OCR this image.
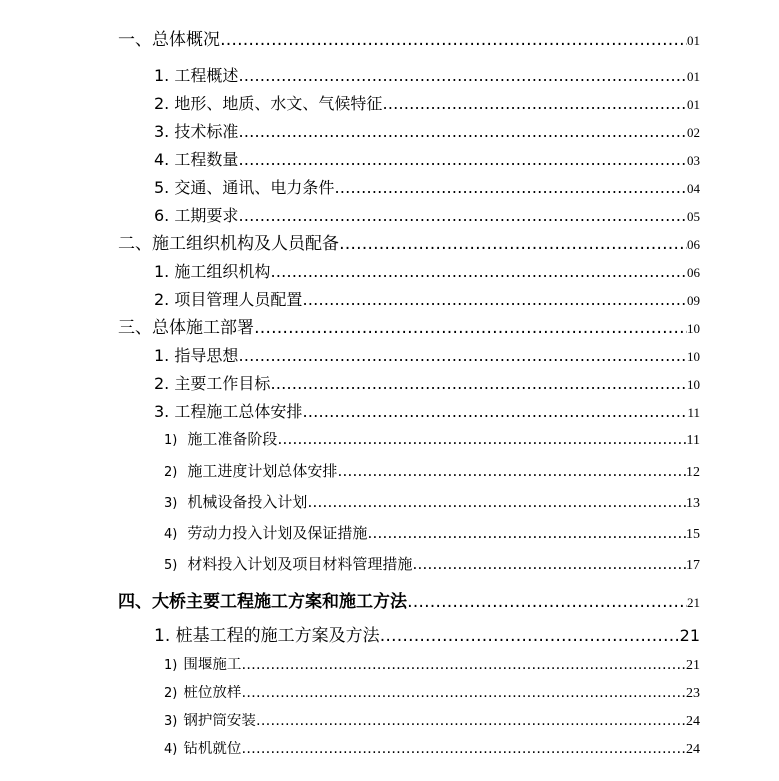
一、总体概况 …………………………………………………………………………………………………………………………………………………………………………………………………………………………	01
1. 工程概述 …………………………………………………………………………………………………………………………………………………………………………………………………………………………	01
2. 地形、地质、水文、气候特征 …………………………………………………………………………………………………………………………………………………………………………………………………………………………	01
3. 技术标准 …………………………………………………………………………………………………………………………………………………………………………………………………………………………	02
4. 工程数量 …………………………………………………………………………………………………………………………………………………………………………………………………………………………	03
5. 交通、通讯、电力条件 …………………………………………………………………………………………………………………………………………………………………………………………………………………………	04
6. 工期要求 …………………………………………………………………………………………………………………………………………………………………………………………………………………………	05
二、施工组织机构及人员配备 …………………………………………………………………………………………………………………………………………………………………………………………………………………………	06
1. 施工组织机构 …………………………………………………………………………………………………………………………………………………………………………………………………………………………	06
2. 项目管理人员配置 …………………………………………………………………………………………………………………………………………………………………………………………………………………………	09
三、总体施工部署 …………………………………………………………………………………………………………………………………………………………………………………………………………………………	10
1. 指导思想 …………………………………………………………………………………………………………………………………………………………………………………………………………………………	10
2. 主要工作目标 …………………………………………………………………………………………………………………………………………………………………………………………………………………………	10
3. 工程施工总体安排 …………………………………………………………………………………………………………………………………………………………………………………………………………………………	11
1) 施工准备阶段 …………………………………………………………………………………………………………………………………………………………………………………………………………………………	11
2) 施工进度计划总体安排 …………………………………………………………………………………………………………………………………………………………………………………………………………………………	12
3) 机械设备投入计划 …………………………………………………………………………………………………………………………………………………………………………………………………………………………	13
4) 劳动力投入计划及保证措施 …………………………………………………………………………………………………………………………………………………………………………………………………………………………	15
5) 材料投入计划及项目材料管理措施 …………………………………………………………………………………………………………………………………………………………………………………………………………………………	17
四、大桥主要工程施工方案和施工方法 …………………………………………………………………………………………………………………………………………………………………………………………………………………………	21
1. 桩基工程的施工方案及方法 …………………………………………………………………………………………………………………………………………………………………………………………………………………………	21
1) 围堰施工 …………………………………………………………………………………………………………………………………………………………………………………………………………………………	21
2) 桩位放样 …………………………………………………………………………………………………………………………………………………………………………………………………………………………	23
3) 钢护筒安装 …………………………………………………………………………………………………………………………………………………………………………………………………………………………	24
4) 钻机就位 …………………………………………………………………………………………………………………………………………………………………………………………………………………………	24
